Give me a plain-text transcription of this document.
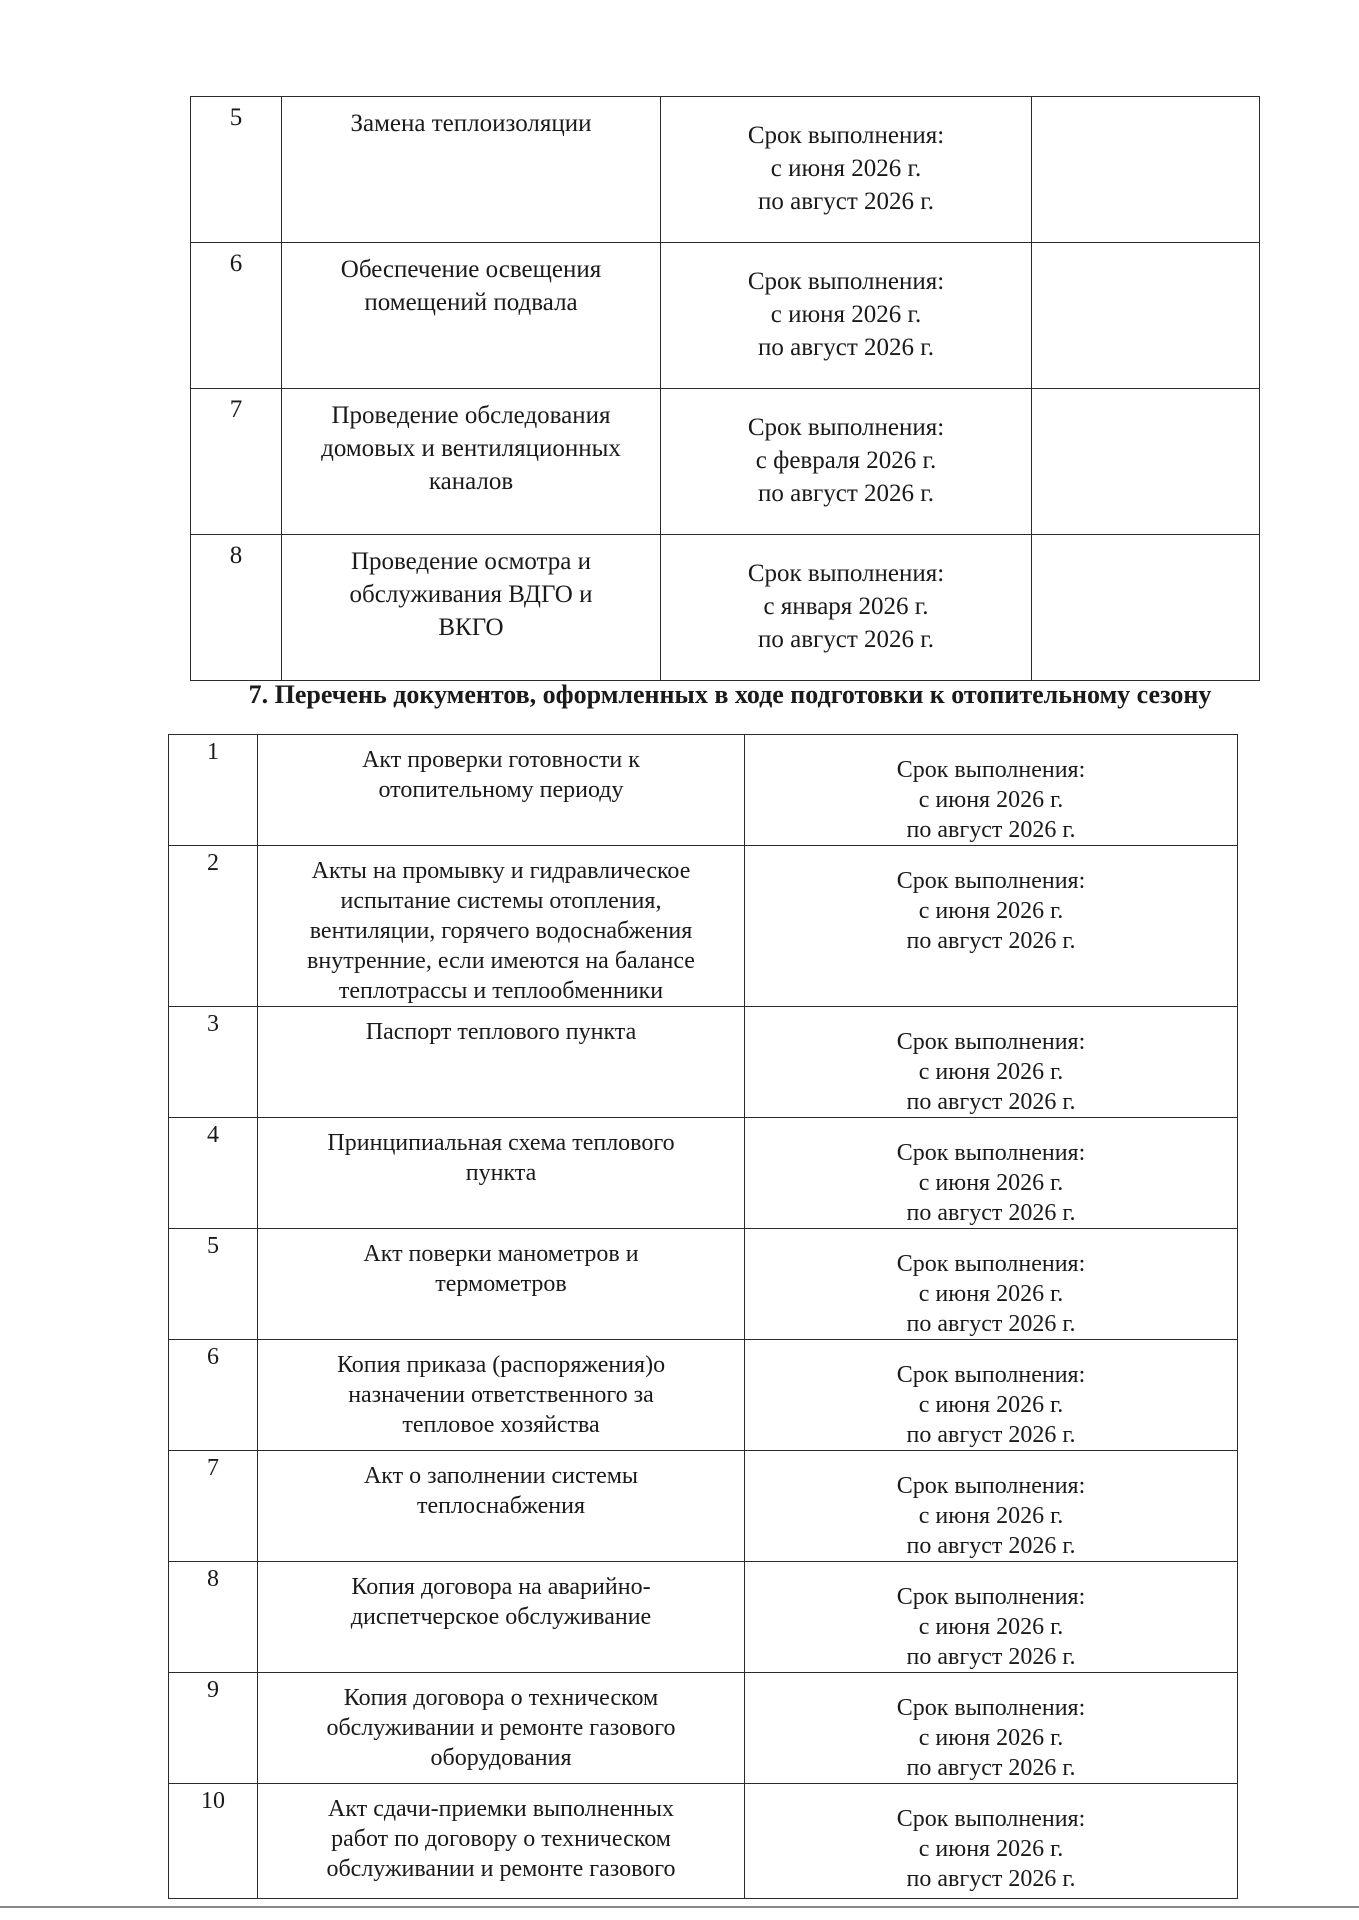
5	Замена теплоизоляции	Срок выполнения:
с июня 2026 г.
по август 2026 г.	

6	Обеспечение освещения
помещений подвала	Срок выполнения:
с июня 2026 г.
по август 2026 г.	

7	Проведение обследования
домовых и вентиляционных
каналов	Срок выполнения:
с февраля 2026 г.
по август 2026 г.	

8	Проведение осмотра и
обслуживания ВДГО и
ВКГО	Срок выполнения:
с января 2026 г.
по август 2026 г.	

7. Перечень документов, оформленных в ходе подготовки к отопительному сезону
1	Акт проверки готовности к
отопительному периоду	Срок выполнения:
с июня 2026 г.
по август 2026 г.

2	Акты на промывку и гидравлическое
испытание системы отопления,
вентиляции, горячего водоснабжения
внутренние, если имеются на балансе
теплотрассы и теплообменники	Срок выполнения:
с июня 2026 г.
по август 2026 г.

3	Паспорт теплового пункта	Срок выполнения:
с июня 2026 г.
по август 2026 г.

4	Принципиальная схема теплового
пункта	Срок выполнения:
с июня 2026 г.
по август 2026 г.

5	Акт поверки манометров и
термометров	Срок выполнения:
с июня 2026 г.
по август 2026 г.

6	Копия приказа (распоряжения)о
назначении ответственного за
тепловое хозяйства	Срок выполнения:
с июня 2026 г.
по август 2026 г.

7	Акт о заполнении системы
теплоснабжения	Срок выполнения:
с июня 2026 г.
по август 2026 г.

8	Копия договора на аварийно-
диспетчерское обслуживание	Срок выполнения:
с июня 2026 г.
по август 2026 г.

9	Копия договора о техническом
обслуживании и ремонте газового
оборудования	Срок выполнения:
с июня 2026 г.
по август 2026 г.

10	Акт сдачи-приемки выполненных
работ по договору о техническом
обслуживании и ремонте газового	Срок выполнения:
с июня 2026 г.
по август 2026 г.
